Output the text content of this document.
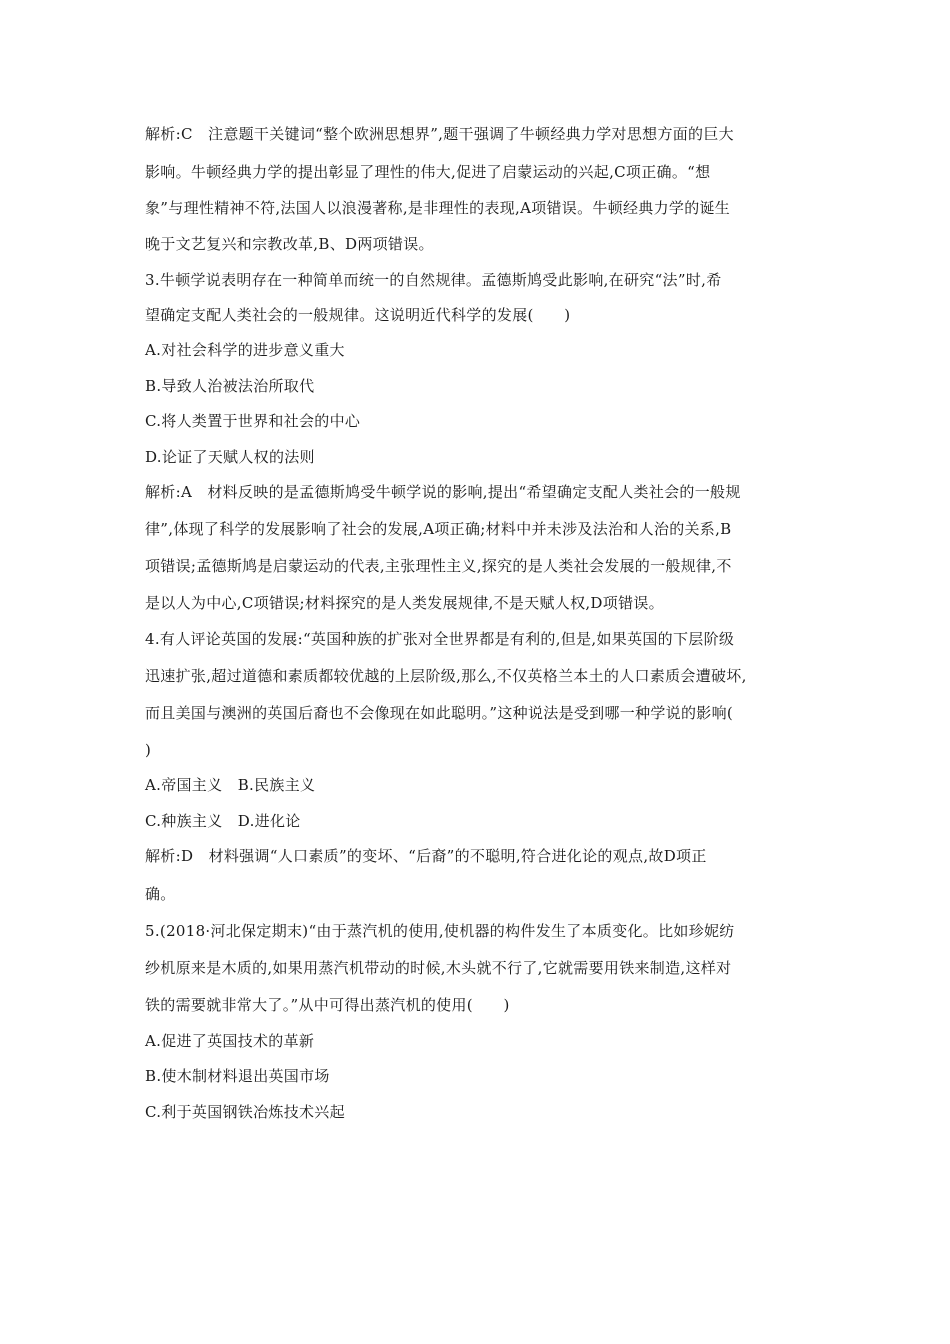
解析:C　注意题干关键词“整个欧洲思想界”,题干强调了牛顿经典力学对思想方面的巨大
影响。牛顿经典力学的提出彰显了理性的伟大,促进了启蒙运动的兴起,C项正确。“想
象”与理性精神不符,法国人以浪漫著称,是非理性的表现,A项错误。牛顿经典力学的诞生
晚于文艺复兴和宗教改革,B、D两项错误。
3.牛顿学说表明存在一种简单而统一的自然规律。孟德斯鸠受此影响,在研究“法”时,希
望确定支配人类社会的一般规律。这说明近代科学的发展(　　)
A.对社会科学的进步意义重大
B.导致人治被法治所取代
C.将人类置于世界和社会的中心
D.论证了天赋人权的法则
解析:A　材料反映的是孟德斯鸠受牛顿学说的影响,提出“希望确定支配人类社会的一般规
律”,体现了科学的发展影响了社会的发展,A项正确;材料中并未涉及法治和人治的关系,B
项错误;孟德斯鸠是启蒙运动的代表,主张理性主义,探究的是人类社会发展的一般规律,不
是以人为中心,C项错误;材料探究的是人类发展规律,不是天赋人权,D项错误。
4.有人评论英国的发展:“英国种族的扩张对全世界都是有利的,但是,如果英国的下层阶级
迅速扩张,超过道德和素质都较优越的上层阶级,那么,不仅英格兰本土的人口素质会遭破坏,
而且美国与澳洲的英国后裔也不会像现在如此聪明。”这种说法是受到哪一种学说的影响(
)
A.帝国主义　B.民族主义
C.种族主义　D.进化论
解析:D　材料强调“人口素质”的变坏、“后裔”的不聪明,符合进化论的观点,故D项正
确。
5.(2018·河北保定期末)“由于蒸汽机的使用,使机器的构件发生了本质变化。比如珍妮纺
纱机原来是木质的,如果用蒸汽机带动的时候,木头就不行了,它就需要用铁来制造,这样对
铁的需要就非常大了。”从中可得出蒸汽机的使用(　　)
A.促进了英国技术的革新
B.使木制材料退出英国市场
C.利于英国钢铁冶炼技术兴起
